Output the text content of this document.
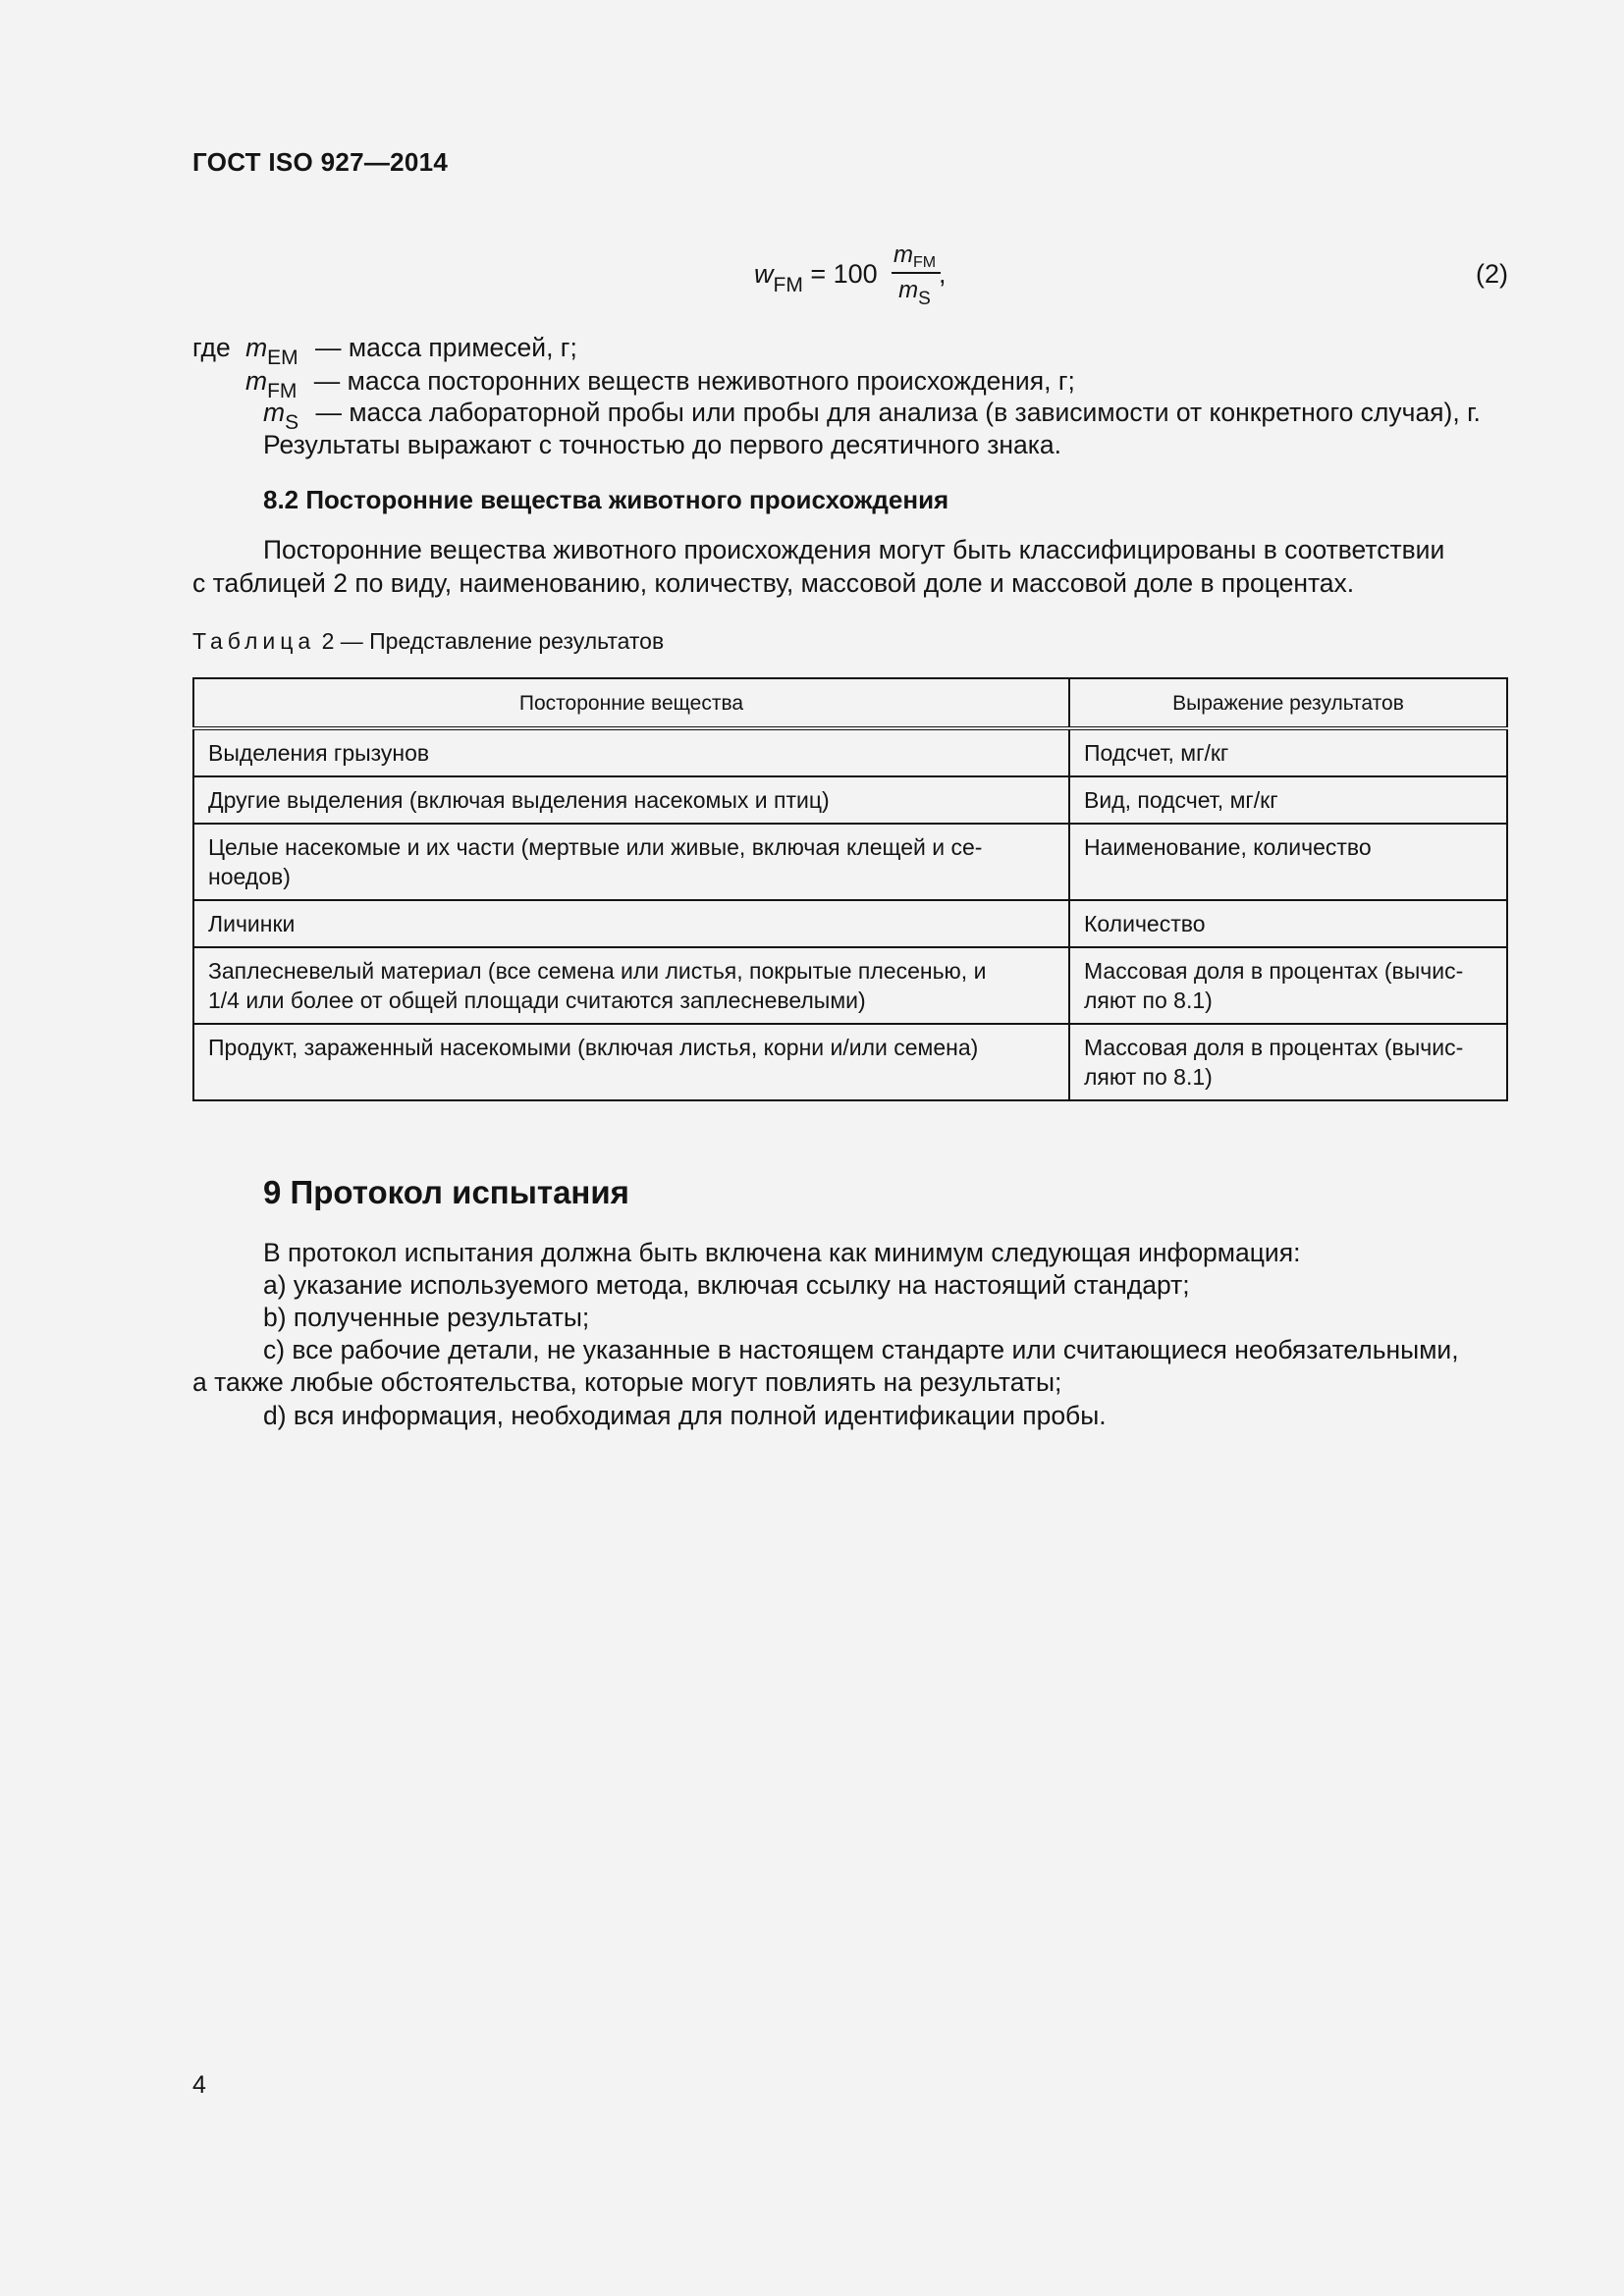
ГОСТ ISO 927—2014
$w_{FM} = 100$
$m_{FM}$
$m_S$
,	(2)
где $m_{EM}$ — масса примесей, г;
$m_{FM}$ — масса посторонних веществ неживотного происхождения, г;
$m_S$ — масса лабораторной пробы или пробы для анализа (в зависимости от конкретного случая), г.
Результаты выражают с точностью до первого десятичного знака.
8.2 Посторонние вещества животного происхождения
Посторонние вещества животного происхождения могут быть классифицированы в соответствии
с таблицей 2 по виду, наименованию, количеству, массовой доле и массовой доле в процентах.
Таблица 2 — Представление результатов
Посторонние вещества	Выражение результатов
Выделения грызунов	Подсчет, мг/кг
Другие выделения (включая выделения насекомых и птиц)	Вид, подсчет, мг/кг
Целые насекомые и их части (мертвые или живые, включая клещей и се-
ноедов)	Наименование, количество
Личинки	Количество
Заплесневелый материал (все семена или листья, покрытые плесенью, и
1/4 или более от общей площади считаются заплесневелыми)	Массовая доля в процентах (вычис-
ляют по 8.1)
Продукт, зараженный насекомыми (включая листья, корни и/или семена)	Массовая доля в процентах (вычис-
ляют по 8.1)
9 Протокол испытания
В протокол испытания должна быть включена как минимум следующая информация:
a) указание используемого метода, включая ссылку на настоящий стандарт;
b) полученные результаты;
c) все рабочие детали, не указанные в настоящем стандарте или считающиеся необязательными,
а также любые обстоятельства, которые могут повлиять на результаты;
d) вся информация, необходимая для полной идентификации пробы.
4
